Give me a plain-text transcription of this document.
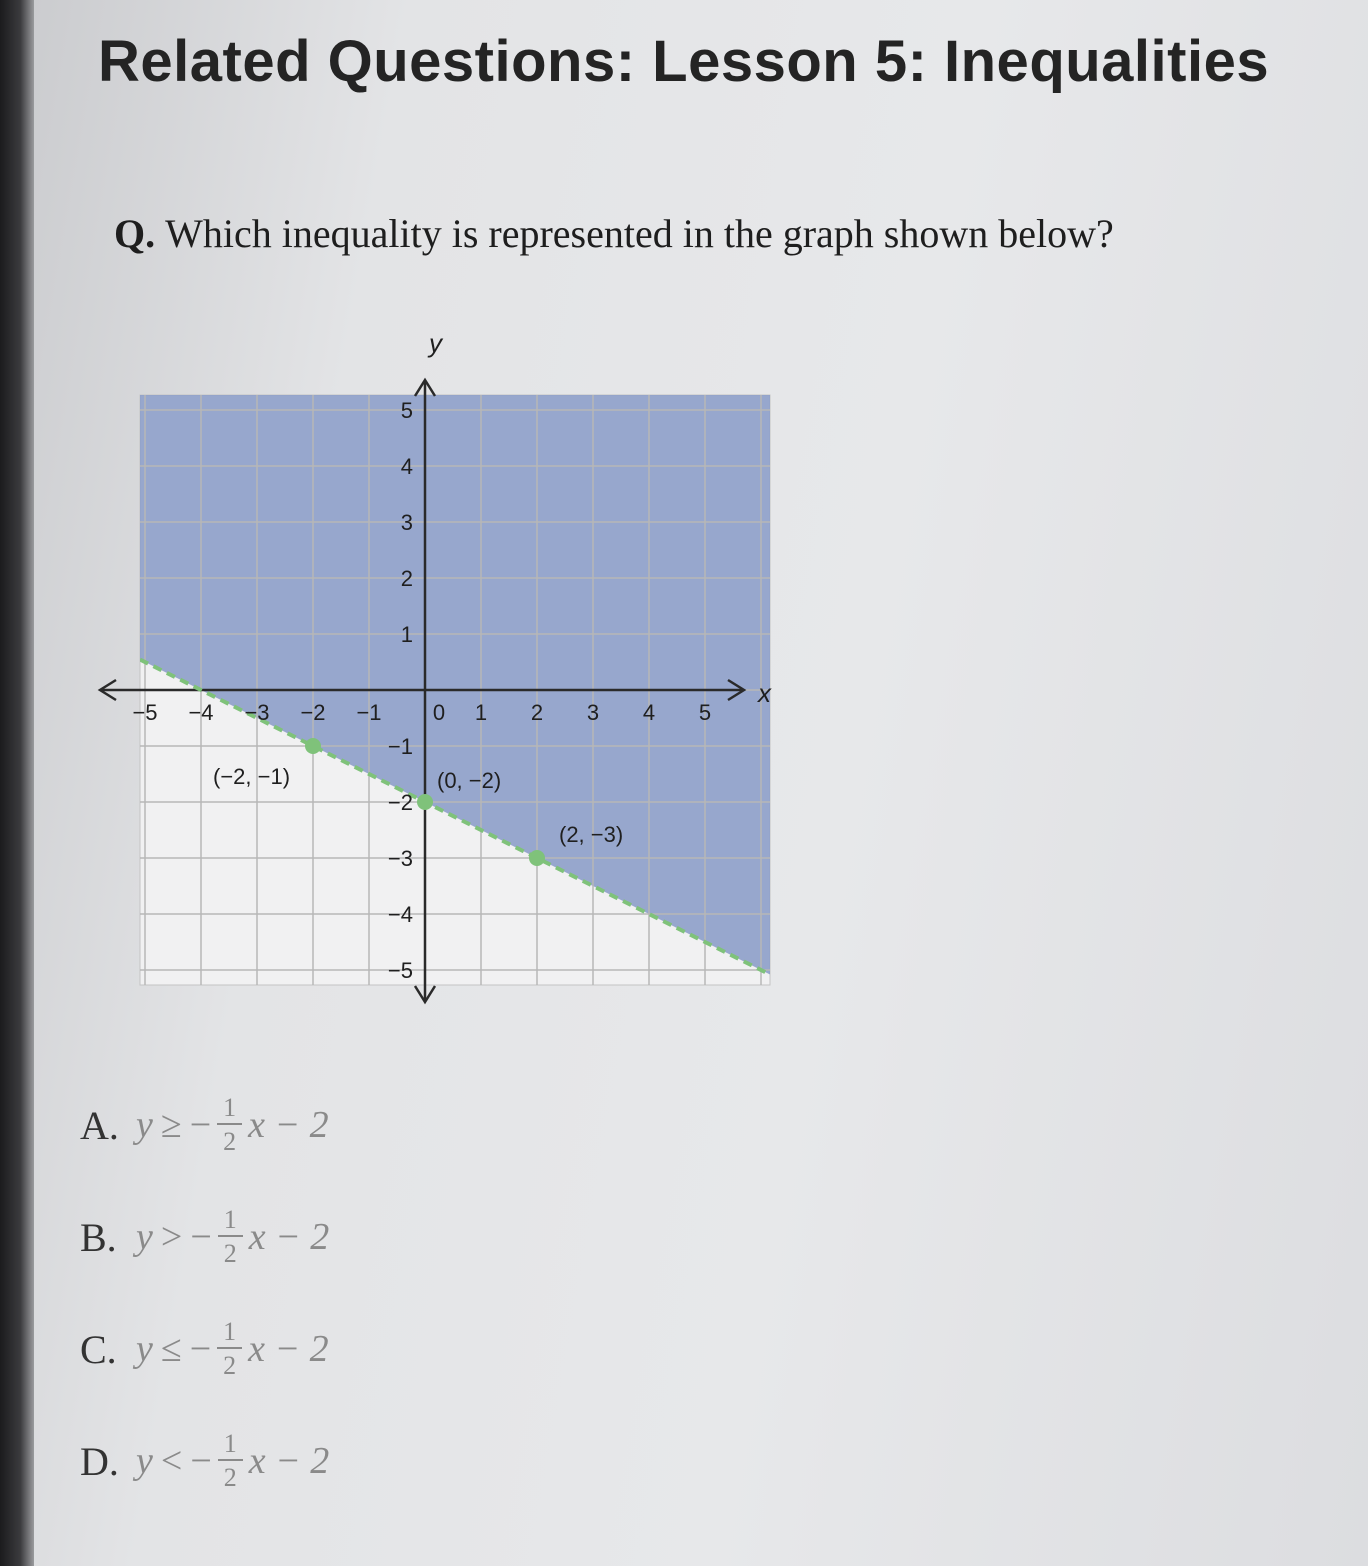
Related Questions: Lesson 5: Inequalities

Q. Which inequality is represented in the graph shown below?

−5 −4 −3 −2 −1 0 1 2 3 4 5
5
4
3
2
1
−1
−2
−3
−4
−5
(−2, −1)	(0, −2)
(2, −3)
x
y
A. y ≥ − $\frac{1}{2}$ x − 2
B. y > − $\frac{1}{2}$ x − 2
C. y ≤ − $\frac{1}{2}$ x − 2
D. y < − $\frac{1}{2}$ x − 2
